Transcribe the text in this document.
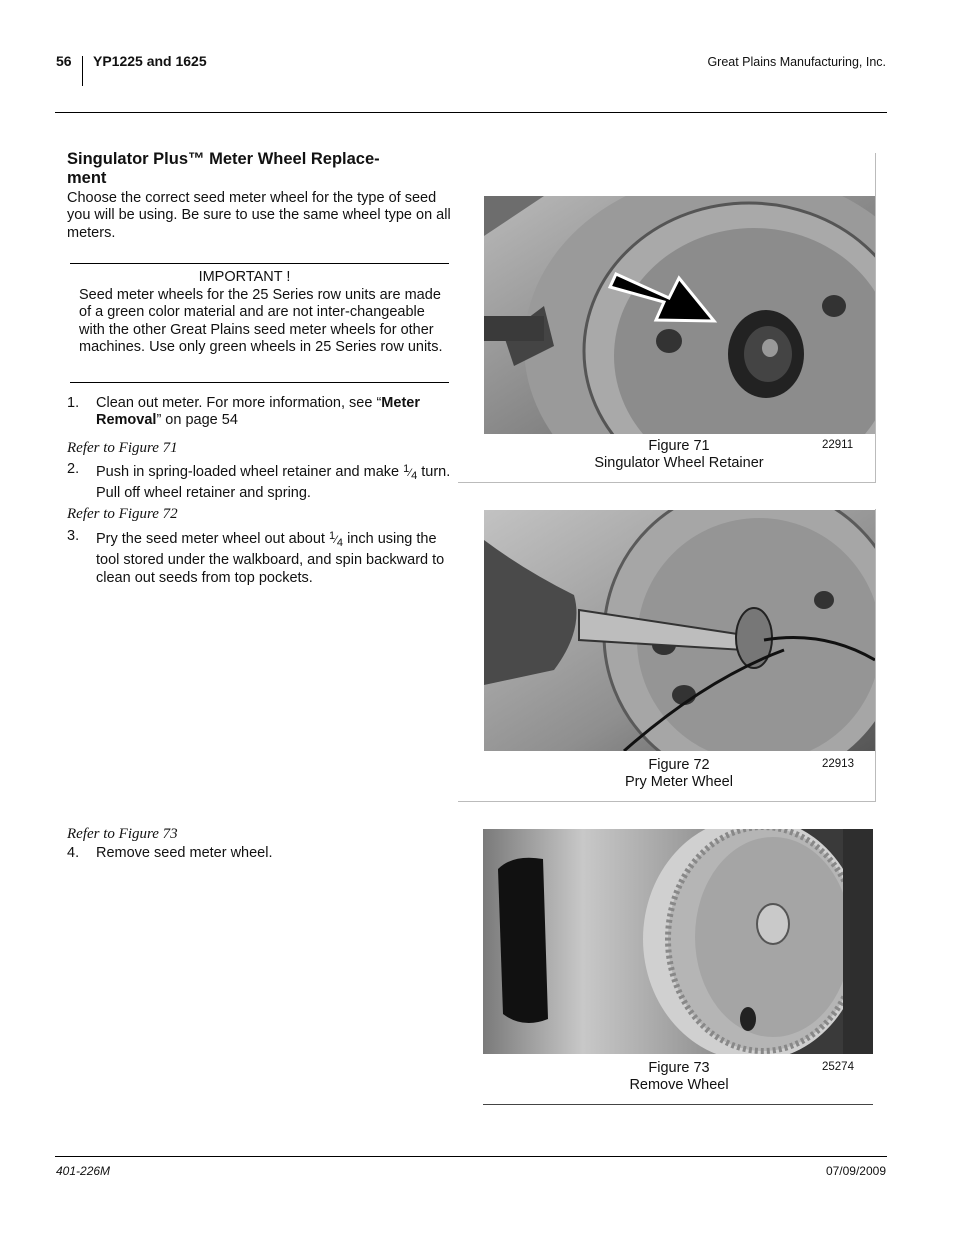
56 YP1225 and 1625	Great Plains Manufacturing, Inc.
Singulator Plus™ Meter Wheel Replace-
ment
Choose the correct seed meter wheel for the type of seed you will be using. Be sure to use the same wheel type on all meters.
IMPORTANT !
Seed meter wheels for the 25 Series row units are made of a green color material and are not inter-changeable with the other Great Plains seed meter wheels for other machines. Use only green wheels in 25 Series row units.
1. Clean out meter. For more information, see “Meter Removal” on page 54
Refer to Figure 71
2. Push in spring-loaded wheel retainer and make $^1⁄_4$ turn. Pull off wheel retainer and spring.
Refer to Figure 72
3. Pry the seed meter wheel out about $^1⁄_4$ inch using the tool stored under the walkboard, and spin backward to clean out seeds from top pockets.
Refer to Figure 73
4. Remove seed meter wheel.
Figure 71
Singulator Wheel Retainer
22911
Figure 72
Pry Meter Wheel
22913
Figure 73
Remove Wheel
25274
401-226M	07/09/2009
